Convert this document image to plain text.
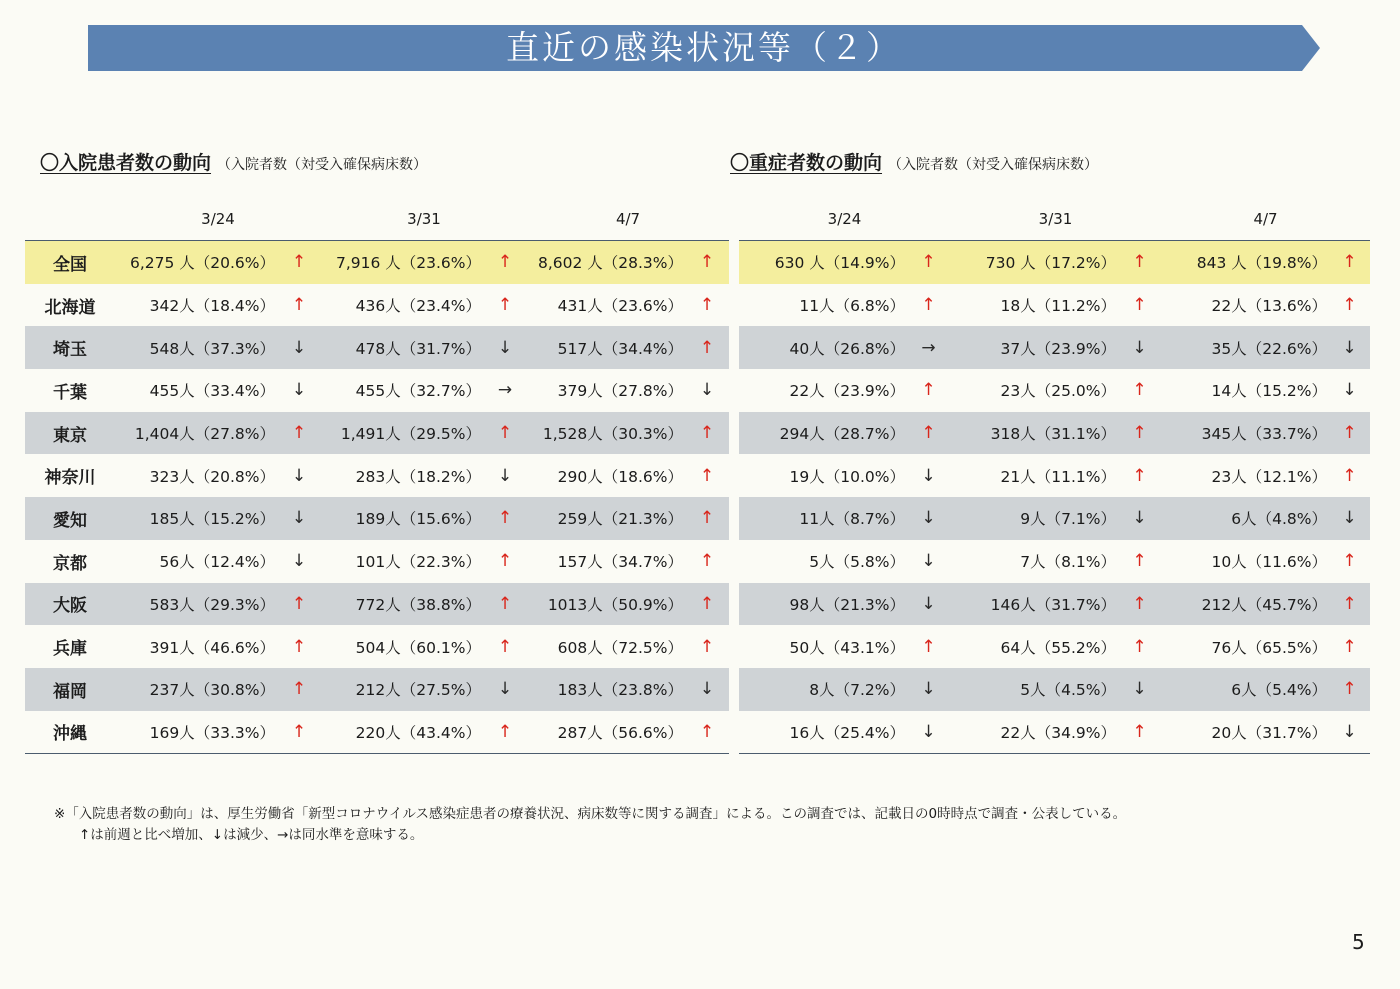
直近の感染状況等（２）
〇入院患者数の動向 （入院者数（対受入確保病床数）	〇重症者数の動向 （入院者数（対受入確保病床数）
	3/24		3/31		4/7	
全国	6,275 人（20.6%）	↑	7,916 人（23.6%）	↑	8,602 人（28.3%）	↑
北海道	342人（18.4%）	↑	436人（23.4%）	↑	431人（23.6%）	↑
埼玉	548人（37.3%）	↓	478人（31.7%）	↓	517人（34.4%）	↑
千葉	455人（33.4%）	↓	455人（32.7%）	→	379人（27.8%）	↓
東京	1,404人（27.8%）	↑	1,491人（29.5%）	↑	1,528人（30.3%）	↑
神奈川	323人（20.8%）	↓	283人（18.2%）	↓	290人（18.6%）	↑
愛知	185人（15.2%）	↓	189人（15.6%）	↑	259人（21.3%）	↑
京都	56人（12.4%）	↓	101人（22.3%）	↑	157人（34.7%）	↑
大阪	583人（29.3%）	↑	772人（38.8%）	↑	1013人（50.9%）	↑
兵庫	391人（46.6%）	↑	504人（60.1%）	↑	608人（72.5%）	↑
福岡	237人（30.8%）	↑	212人（27.5%）	↓	183人（23.8%）	↓
沖縄	169人（33.3%）	↑	220人（43.4%）	↑	287人（56.6%）	↑
3/24		3/31		4/7	
630 人（14.9%）	↑	730 人（17.2%）	↑	843 人（19.8%）	↑
11人（6.8%）	↑	18人（11.2%）	↑	22人（13.6%）	↑
40人（26.8%）	→	37人（23.9%）	↓	35人（22.6%）	↓
22人（23.9%）	↑	23人（25.0%）	↑	14人（15.2%）	↓
294人（28.7%）	↑	318人（31.1%）	↑	345人（33.7%）	↑
19人（10.0%）	↓	21人（11.1%）	↑	23人（12.1%）	↑
11人（8.7%）	↓	9人（7.1%）	↓	6人（4.8%）	↓
5人（5.8%）	↓	7人（8.1%）	↑	10人（11.6%）	↑
98人（21.3%）	↓	146人（31.7%）	↑	212人（45.7%）	↑
50人（43.1%）	↑	64人（55.2%）	↑	76人（65.5%）	↑
8人（7.2%）	↓	5人（4.5%）	↓	6人（5.4%）	↑
16人（25.4%）	↓	22人（34.9%）	↑	20人（31.7%）	↓
※「入院患者数の動向」は、厚生労働省「新型コロナウイルス感染症患者の療養状況、病床数等に関する調査」による。この調査では、記載日の0時時点で調査・公表している。
↑は前週と比べ増加、↓は減少、→は同水準を意味する。
5
